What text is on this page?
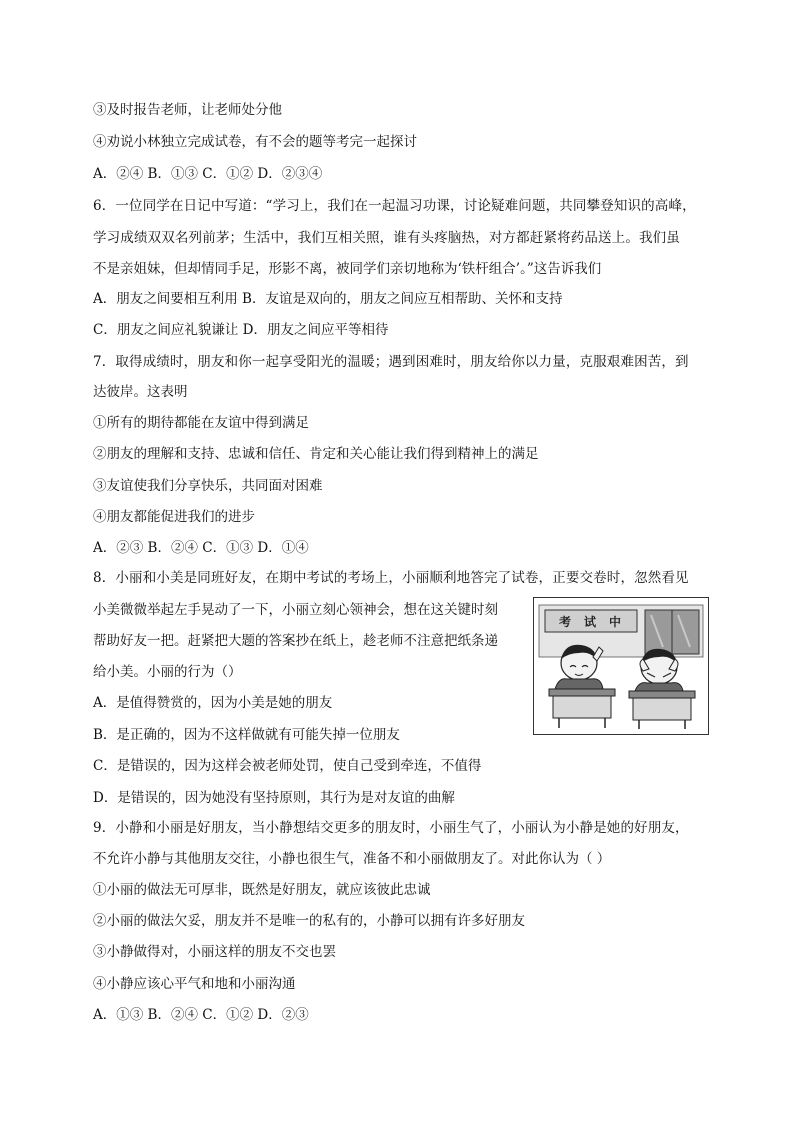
③及时报告老师，让老师处分他
④劝说小林独立完成试卷，有不会的题等考完一起探讨
A．②④ B．①③ C．①② D．②③④
6．一位同学在日记中写道：“学习上，我们在一起温习功课，讨论疑难问题，共同攀登知识的高峰，
学习成绩双双名列前茅；生活中，我们互相关照，谁有头疼脑热，对方都赶紧将药品送上。我们虽
不是亲姐妹，但却情同手足，形影不离，被同学们亲切地称为‘铁杆组合’。”这告诉我们
A．朋友之间要相互利用 B．友谊是双向的，朋友之间应互相帮助、关怀和支持
C．朋友之间应礼貌谦让 D．朋友之间应平等相待
7．取得成绩时，朋友和你一起享受阳光的温暖；遇到困难时，朋友给你以力量，克服艰难困苦，到
达彼岸。这表明
①所有的期待都能在友谊中得到满足
②朋友的理解和支持、忠诚和信任、肯定和关心能让我们得到精神上的满足
③友谊使我们分享快乐，共同面对困难
④朋友都能促进我们的进步
A．②③ B．②④ C．①③ D．①④
8．小丽和小美是同班好友，在期中考试的考场上，小丽顺利地答完了试卷，正要交卷时，忽然看见
小美微微举起左手晃动了一下，小丽立刻心领神会，想在这关键时刻
帮助好友一把。赶紧把大题的答案抄在纸上，趁老师不注意把纸条递
给小美。小丽的行为（）
A．是值得赞赏的，因为小美是她的朋友
B．是正确的，因为不这样做就有可能失掉一位朋友
C．是错误的，因为这样会被老师处罚，使自己受到牵连，不值得
D．是错误的，因为她没有坚持原则，其行为是对友谊的曲解
9．小静和小丽是好朋友，当小静想结交更多的朋友时，小丽生气了，小丽认为小静是她的好朋友，
不允许小静与其他朋友交往，小静也很生气，准备不和小丽做朋友了。对此你认为（ ）
①小丽的做法无可厚非，既然是好朋友，就应该彼此忠诚
②小丽的做法欠妥，朋友并不是唯一的私有的，小静可以拥有许多好朋友
③小静做得对，小丽这样的朋友不交也罢
④小静应该心平气和地和小丽沟通
A．①③ B．②④ C．①② D．②③
考 试 中
